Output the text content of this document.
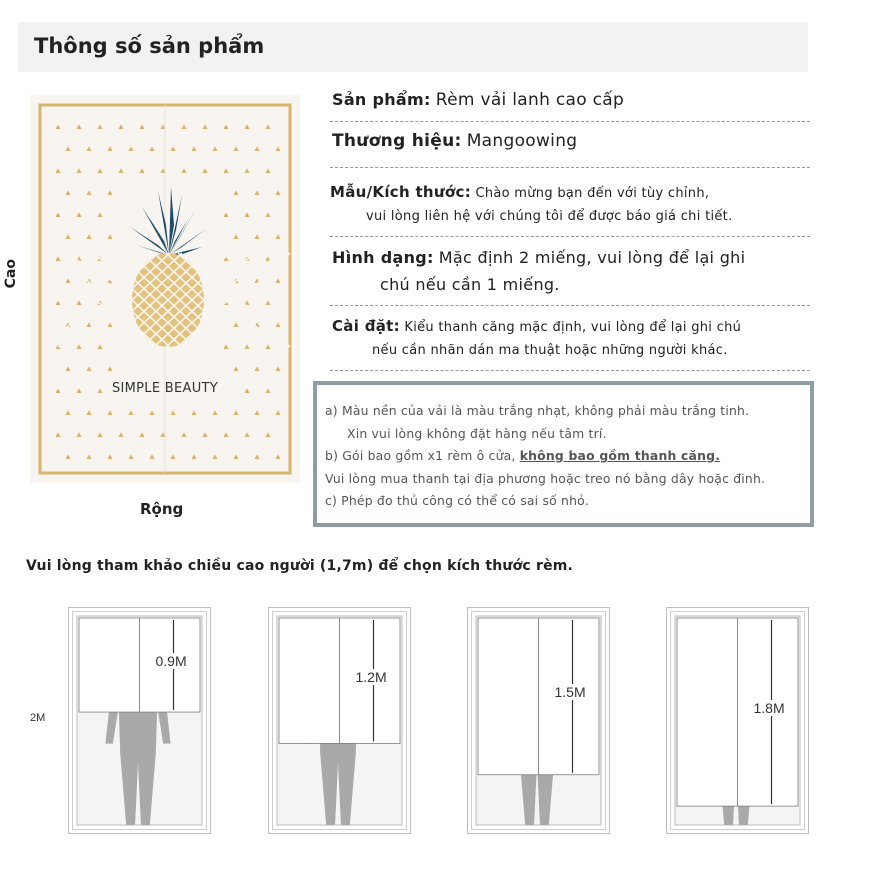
Thông số sản phẩm
SIMPLE BEAUTY
Cao
Rộng
Sản phẩm: Rèm vải lanh cao cấp
Thương hiệu: Mangoowing
Mẫu/Kích thước: Chào mừng bạn đến với tùy chỉnh,
vui lòng liên hệ với chúng tôi để được báo giá chi tiết.
Hình dạng: Mặc định 2 miếng, vui lòng để lại ghi
chú nếu cần 1 miếng.
Cài đặt: Kiểu thanh căng mặc định, vui lòng để lại ghi chú
nếu cần nhãn dán ma thuật hoặc những người khác.
a) Màu nền của vải là màu trắng nhạt, không phải màu trắng tinh.
Xin vui lòng không đặt hàng nếu tâm trí.
b) Gói bao gồm x1 rèm ô cửa, không bao gồm thanh căng.
Vui lòng mua thanh tại địa phương hoặc treo nó bằng dây hoặc đinh.
c) Phép đo thủ công có thể có sai số nhỏ.
Vui lòng tham khảo chiều cao người (1,7m) để chọn kích thước rèm.
2M
0.9M
1.2M
1.5M
1.8M
